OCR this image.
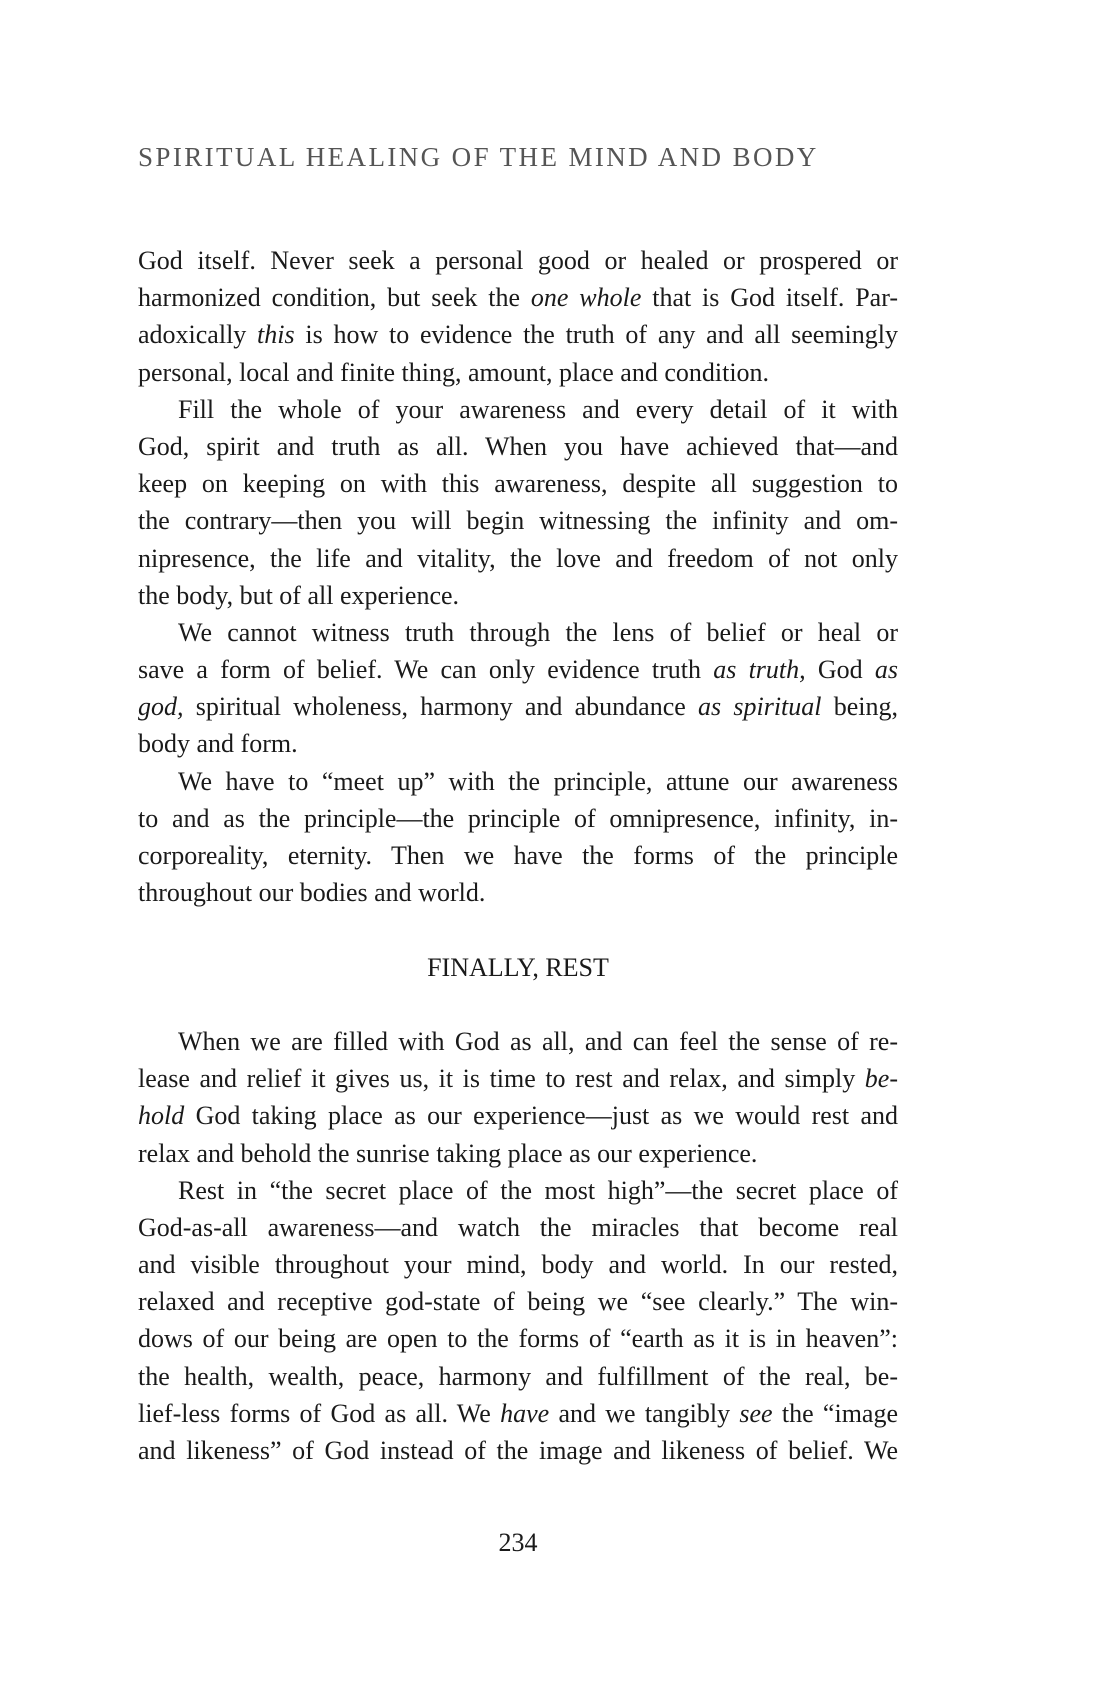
SPIRITUAL HEALING OF THE MIND AND BODY
God itself. Never seek a personal good or healed or prospered or
harmonized condition, but seek the one whole that is God itself. Par-
adoxically this is how to evidence the truth of any and all seemingly
personal, local and finite thing, amount, place and condition.
Fill the whole of your awareness and every detail of it with
God, spirit and truth as all. When you have achieved that—and
keep on keeping on with this awareness, despite all suggestion to
the contrary—then you will begin witnessing the infinity and om-
nipresence, the life and vitality, the love and freedom of not only
the body, but of all experience.
We cannot witness truth through the lens of belief or heal or
save a form of belief. We can only evidence truth as truth, God as
god, spiritual wholeness, harmony and abundance as spiritual being,
body and form.
We have to “meet up” with the principle, attune our awareness
to and as the principle—the principle of omnipresence, infinity, in-
corporeality, eternity. Then we have the forms of the principle
throughout our bodies and world.
FINALLY, REST
When we are filled with God as all, and can feel the sense of re-
lease and relief it gives us, it is time to rest and relax, and simply be-
hold God taking place as our experience—just as we would rest and
relax and behold the sunrise taking place as our experience.
Rest in “the secret place of the most high”—the secret place of
God-as-all awareness—and watch the miracles that become real
and visible throughout your mind, body and world. In our rested,
relaxed and receptive god-state of being we “see clearly.” The win-
dows of our being are open to the forms of “earth as it is in heaven”:
the health, wealth, peace, harmony and fulfillment of the real, be-
lief-less forms of God as all. We have and we tangibly see the “image
and likeness” of God instead of the image and likeness of belief. We
234
